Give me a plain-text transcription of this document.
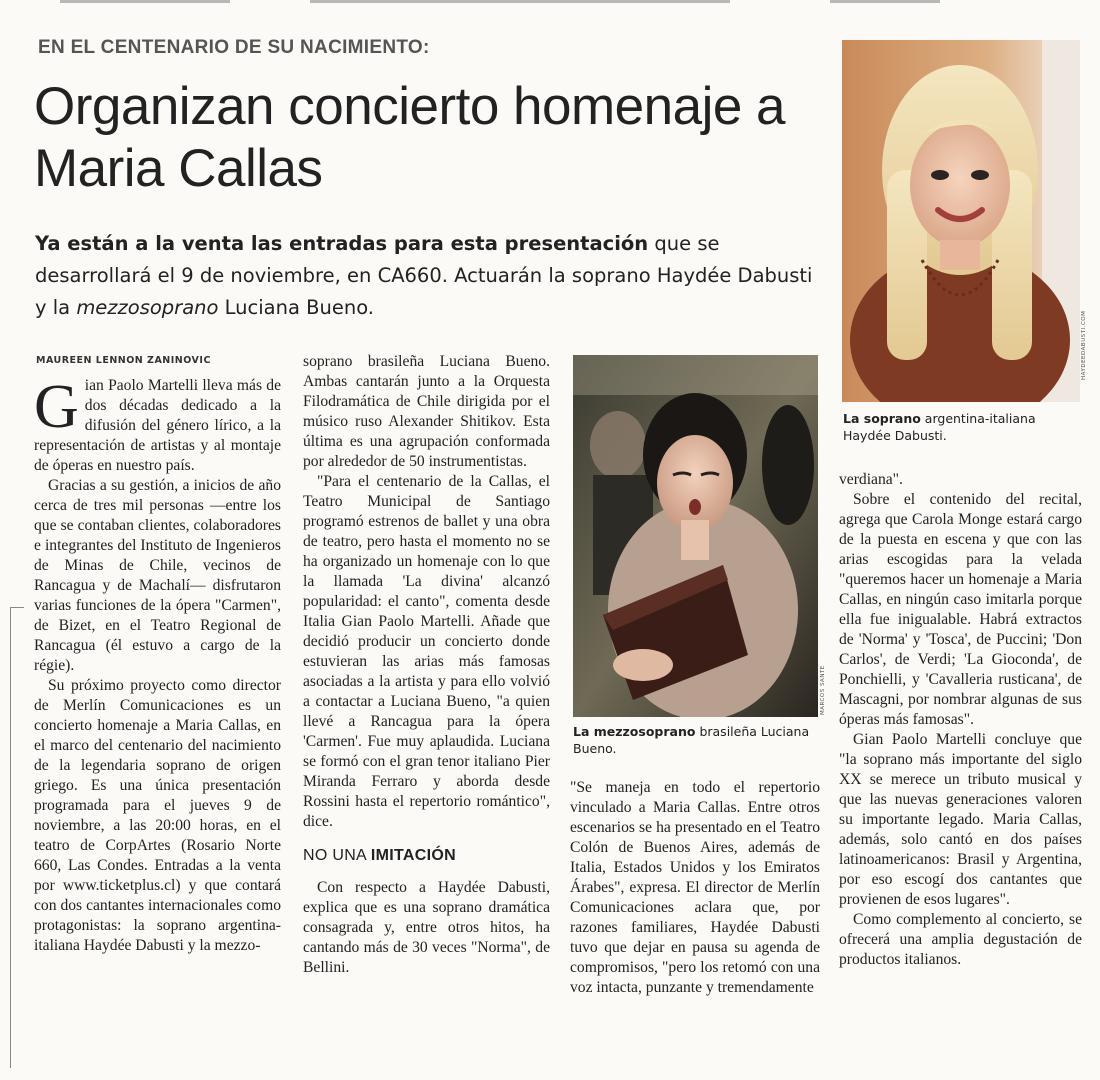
EN EL CENTENARIO DE SU NACIMIENTO:
Organizan concierto homenaje a Maria Callas
Ya están a la venta las entradas para esta presentación que se desarrollará el 9 de noviembre, en CA660. Actuarán la soprano Haydée Dabusti y la mezzosoprano Luciana Bueno.
MAUREEN LENNON ZANINOVIC

Gian Paolo Martelli lleva más de dos décadas dedicado a la difusión del género lírico, a la representación de artistas y al montaje de óperas en nuestro país.

Gracias a su gestión, a inicios de año cerca de tres mil personas —entre los que se contaban clientes, colaboradores e integrantes del Instituto de Ingenieros de Minas de Chile, vecinos de Rancagua y de Machalí— disfrutaron varias funciones de la ópera "Carmen", de Bizet, en el Teatro Regional de Rancagua (él estuvo a cargo de la régie).

Su próximo proyecto como director de Merlín Comunicaciones es un concierto homenaje a Maria Callas, en el marco del centenario del nacimiento de la legendaria soprano de origen griego. Es una única presentación programada para el jueves 9 de noviembre, a las 20:00 horas, en el teatro de CorpArtes (Rosario Norte 660, Las Condes. Entradas a la venta por www.ticketplus.cl) y que contará con dos cantantes internacionales como protagonistas: la soprano argentina-italiana Haydée Dabusti y la mezzo-

soprano brasileña Luciana Bueno. Ambas cantarán junto a la Orquesta Filodramática de Chile dirigida por el músico ruso Alexander Shitikov. Esta última es una agrupación conformada por alrededor de 50 instrumentistas.

"Para el centenario de la Callas, el Teatro Municipal de Santiago programó estrenos de ballet y una obra de teatro, pero hasta el momento no se ha organizado un homenaje con lo que la llamada 'La divina' alcanzó popularidad: el canto", comenta desde Italia Gian Paolo Martelli. Añade que decidió producir un concierto donde estuvieran las arias más famosas asociadas a la artista y para ello volvió a contactar a Luciana Bueno, "a quien llevé a Rancagua para la ópera 'Carmen'. Fue muy aplaudida. Luciana se formó con el gran tenor italiano Pier Miranda Ferraro y aborda desde Rossini hasta el repertorio romántico", dice.

NO UNA IMITACIÓN

Con respecto a Haydée Dabusti, explica que es una soprano dramática consagrada y, entre otros hitos, ha cantando más de 30 veces "Norma", de Bellini.

MARCOS SANTE
La mezzosoprano brasileña Luciana Bueno.

"Se maneja en todo el repertorio vinculado a Maria Callas. Entre otros escenarios se ha presentado en el Teatro Colón de Buenos Aires, además de Italia, Estados Unidos y los Emiratos Árabes", expresa. El director de Merlín Comunicaciones aclara que, por razones familiares, Haydée Dabusti tuvo que dejar en pausa su agenda de compromisos, "pero los retomó con una voz intacta, punzante y tremendamente

HAYDEEDABUSTI.COM
La soprano argentina-italiana Haydée Dabusti.

verdiana".

Sobre el contenido del recital, agrega que Carola Monge estará cargo de la puesta en escena y que con las arias escogidas para la velada "queremos hacer un homenaje a Maria Callas, en ningún caso imitarla porque ella fue inigualable. Habrá extractos de 'Norma' y 'Tosca', de Puccini; 'Don Carlos', de Verdi; 'La Gioconda', de Ponchielli, y 'Cavalleria rusticana', de Mascagni, por nombrar algunas de sus óperas más famosas".

Gian Paolo Martelli concluye que "la soprano más importante del siglo XX se merece un tributo musical y que las nuevas generaciones valoren su importante legado. Maria Callas, además, solo cantó en dos países latinoamericanos: Brasil y Argentina, por eso escogí dos cantantes que provienen de esos lugares".

Como complemento al concierto, se ofrecerá una amplia degustación de productos italianos.
